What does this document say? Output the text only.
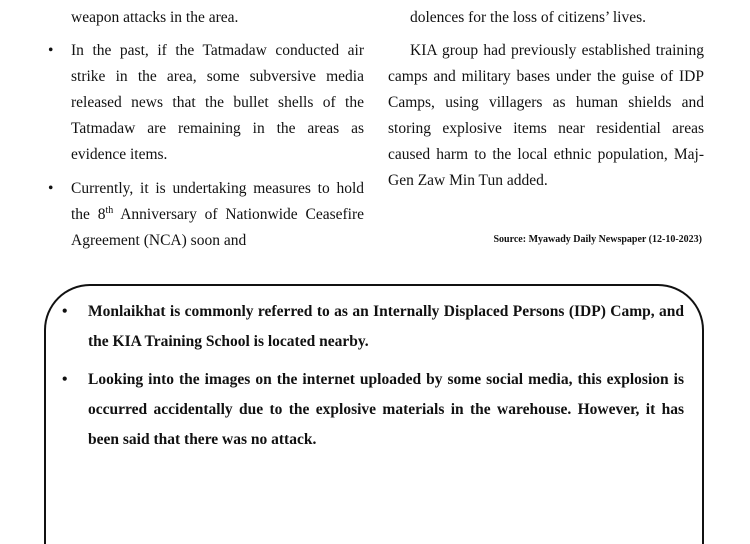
weapon attacks in the area.
• In the past, if the Tatmadaw conducted air strike in the area, some subversive media released news that the bullet shells of the Tatmadaw are remaining in the areas as evidence items.
• Currently, it is undertaking measures to hold the 8th Anniversary of Nationwide Ceasefire Agreement (NCA) soon and
dolences for the loss of citizens’ lives.
KIA group had previously established training camps and military bases under the guise of IDP Camps, using villagers as human shields and storing explosive items near residential areas caused harm to the local ethnic population, Maj-Gen Zaw Min Tun added.
Source: Myawady Daily Newspaper (12-10-2023)
• Monlaikhat is commonly referred to as an Internally Displaced Persons (IDP) Camp, and the KIA Training School is located nearby.
• Looking into the images on the internet uploaded by some social media, this explosion is occurred accidentally due to the explosive materials in the warehouse. However, it has been said that there was no attack.
